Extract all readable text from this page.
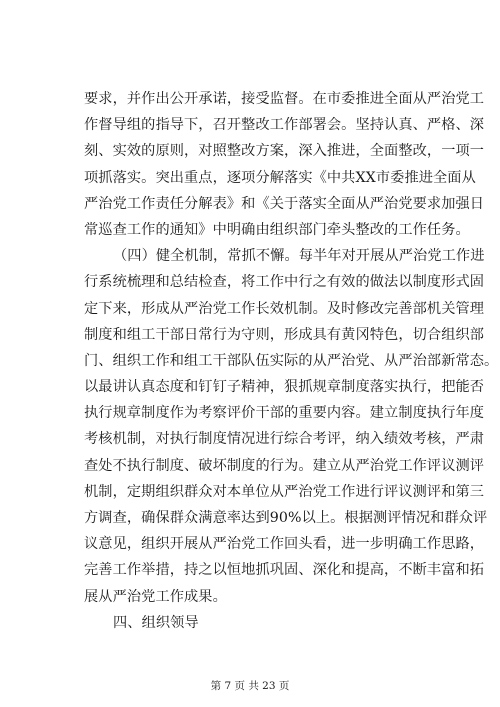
要求，并作出公开承诺，接受监督。在市委推进全面从严治党工
作督导组的指导下，召开整改工作部署会。坚持认真、严格、深
刻、实效的原则，对照整改方案，深入推进，全面整改，一项一
项抓落实。突出重点，逐项分解落实《中共XX市委推进全面从
严治党工作责任分解表》和《关于落实全面从严治党要求加强日
常巡查工作的通知》中明确由组织部门牵头整改的工作任务。
（四）健全机制，常抓不懈。每半年对开展从严治党工作进
行系统梳理和总结检查，将工作中行之有效的做法以制度形式固
定下来，形成从严治党工作长效机制。及时修改完善部机关管理
制度和组工干部日常行为守则，形成具有黄冈特色，切合组织部
门、组织工作和组工干部队伍实际的从严治党、从严治部新常态。
以最讲认真态度和钉钉子精神，狠抓规章制度落实执行，把能否
执行规章制度作为考察评价干部的重要内容。建立制度执行年度
考核机制，对执行制度情况进行综合考评，纳入绩效考核，严肃
查处不执行制度、破坏制度的行为。建立从严治党工作评议测评
机制，定期组织群众对本单位从严治党工作进行评议测评和第三
方调查，确保群众满意率达到90%以上。根据测评情况和群众评
议意见，组织开展从严治党工作回头看，进一步明确工作思路，
完善工作举措，持之以恒地抓巩固、深化和提高，不断丰富和拓
展从严治党工作成果。
四、组织领导
第 7 页 共 23 页
